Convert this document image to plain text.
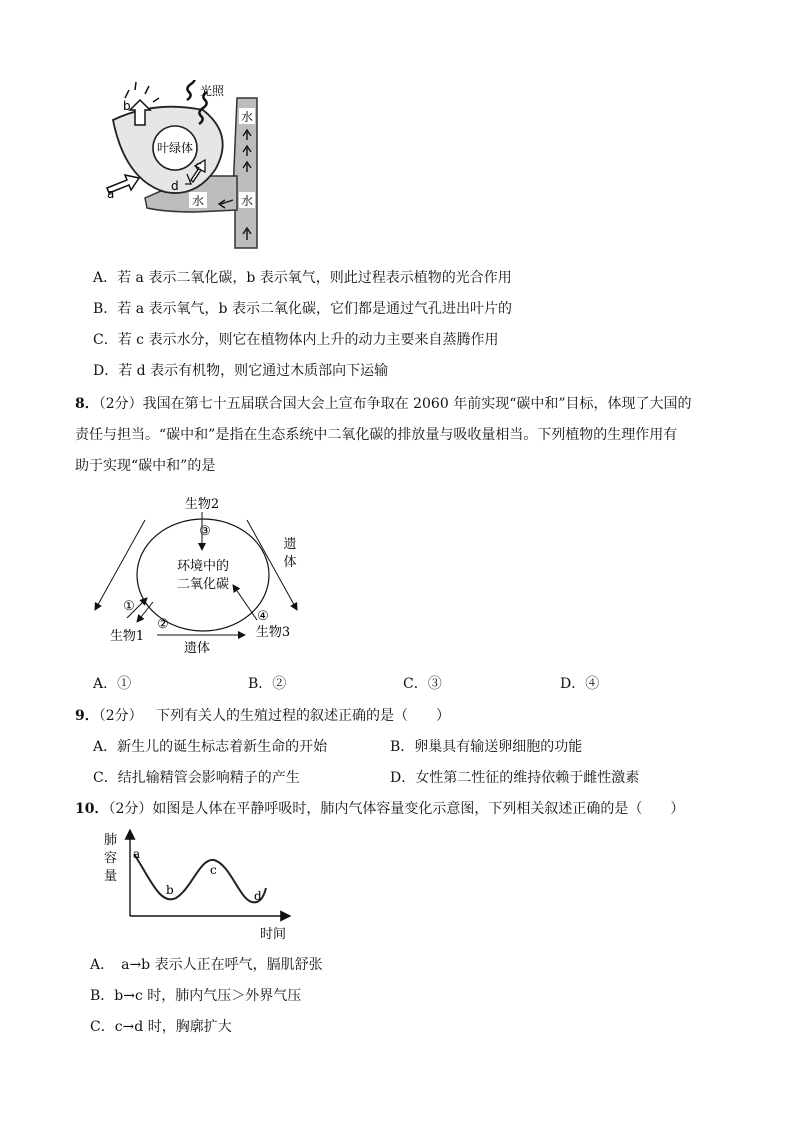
水
水
水
光照
叶绿体
b
a
c
d
A．若 a 表示二氧化碳，b 表示氧气，则此过程表示植物的光合作用
B．若 a 表示氧气，b 表示二氧化碳，它们都是通过气孔进出叶片的
C．若 c 表示水分，则它在植物体内上升的动力主要来自蒸腾作用
D．若 d 表示有机物，则它通过木质部向下运输
8．（2分）我国在第七十五届联合国大会上宣布争取在 2060 年前实现“碳中和”目标，体现了大国的
责任与担当。“碳中和”是指在生态系统中二氧化碳的排放量与吸收量相当。下列植物的生理作用有
助于实现“碳中和”的是
生物2
③
环境中的
二氧化碳
①
②
④
生物1	生物3
遗体
遗
体
A．①	B．②	C．③	D．④
9．（2分） 下列有关人的生殖过程的叙述正确的是（　　）
A．新生儿的诞生标志着新生命的开始	B．卵巢具有输送卵细胞的功能
C．结扎输精管会影响精子的产生	D．女性第二性征的维持依赖于雌性激素
10．（2分）如图是人体在平静呼吸时，肺内气体容量变化示意图，下列相关叙述正确的是（　　）
肺
容
量
a
b
c
d
时间
A．　a→b 表示人正在呼气，膈肌舒张
B．b→c 时，肺内气压＞外界气压
C．c→d 时，胸廓扩大
